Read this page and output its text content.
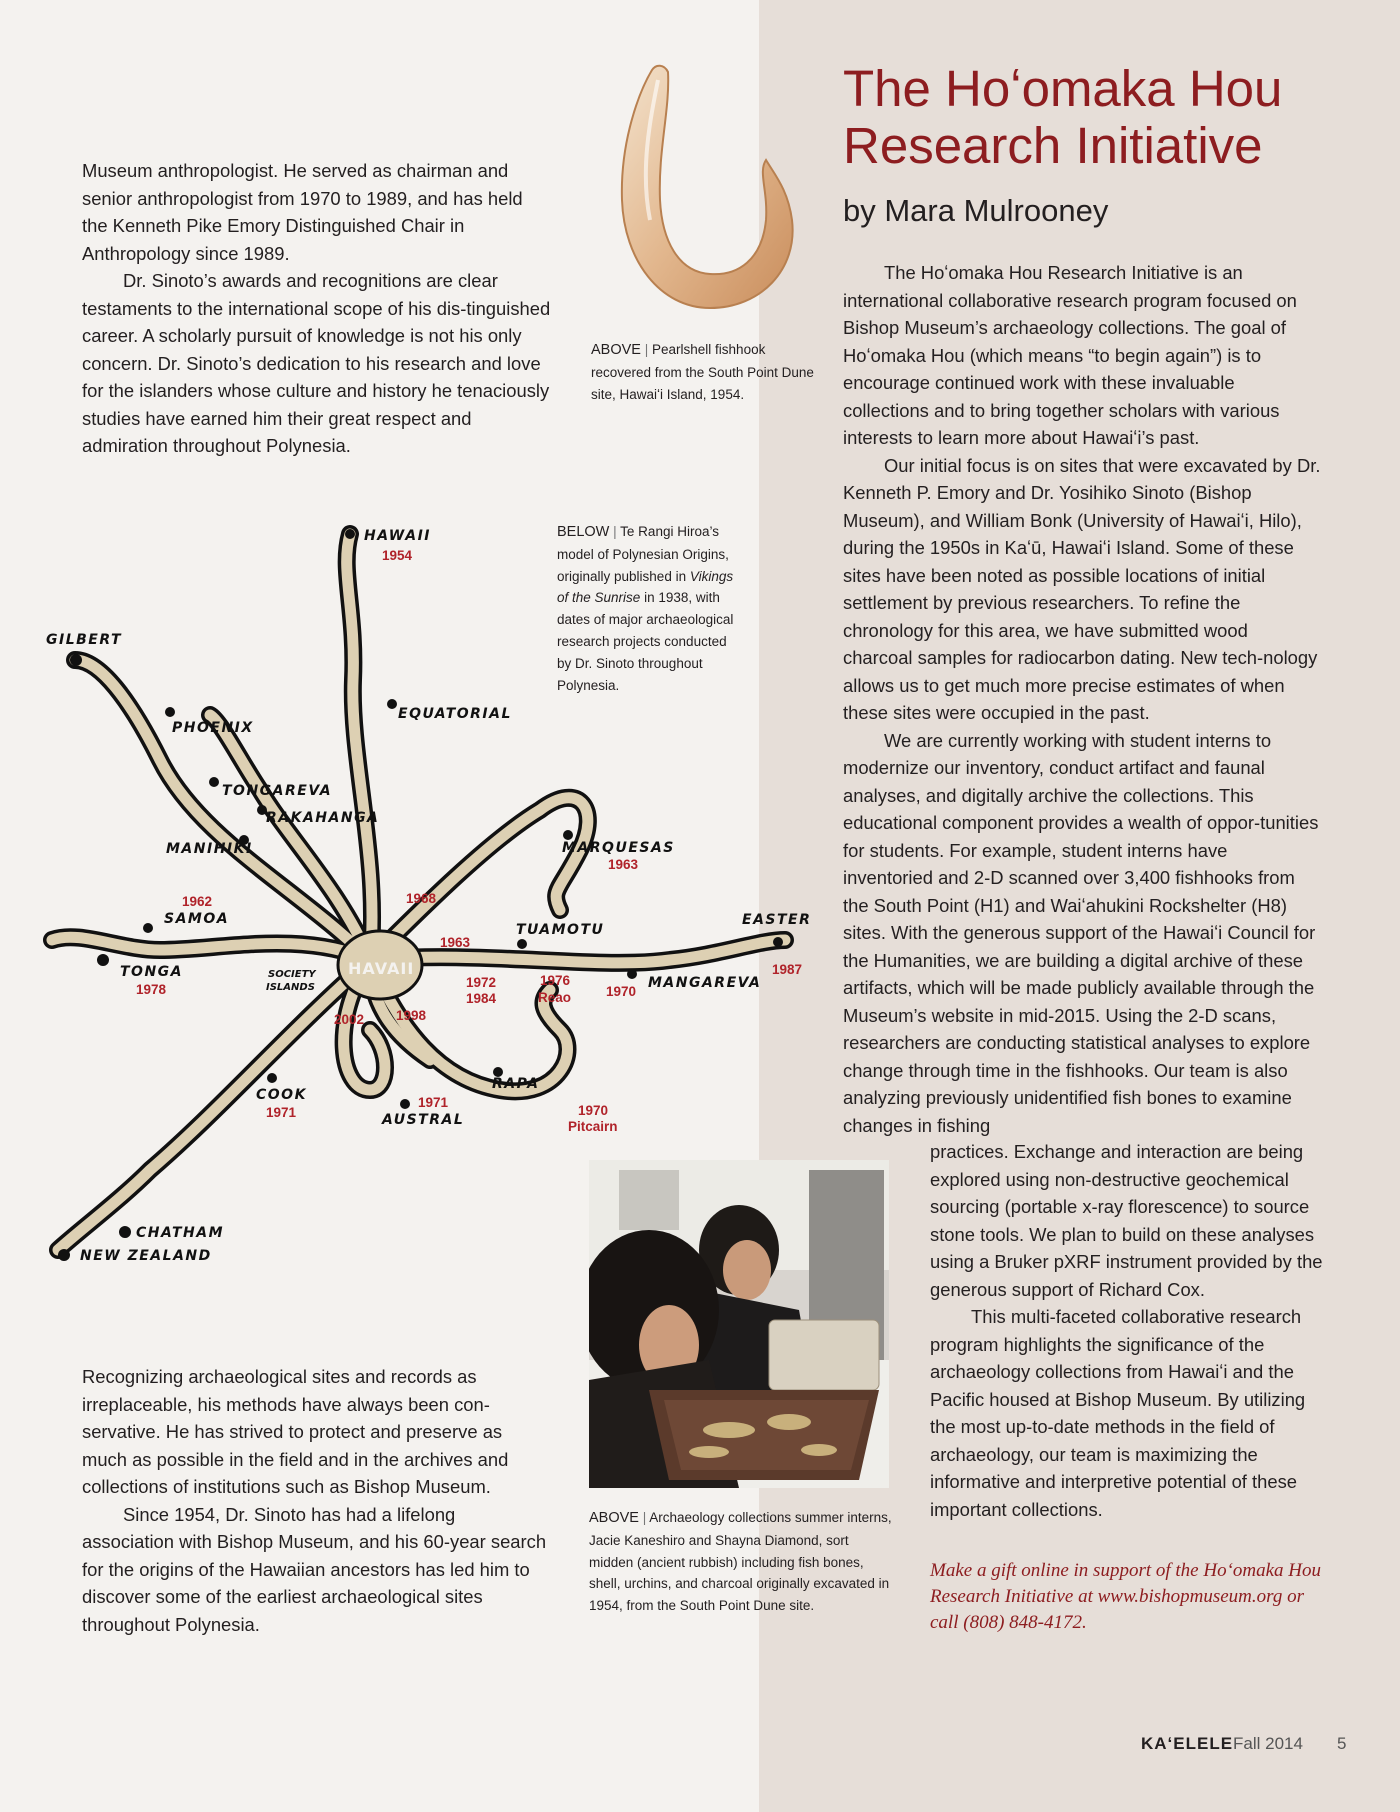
Museum anthropologist. He served as chairman and senior anthropologist from 1970 to 1989, and has held the Kenneth Pike Emory Distinguished Chair in Anthropology since 1989.

Dr. Sinoto’s awards and recognitions are clear testaments to the international scope of his dis-tinguished career. A scholarly pursuit of knowledge is not his only concern. Dr. Sinoto’s dedication to his research and love for the islanders whose culture and history he tenaciously studies have earned him their great respect and admiration throughout Polynesia.

ABOVE | Pearlshell fishhook recovered from the South Point Dune site, Hawaiʻi Island, 1954.
BELOW | Te Rangi Hiroa’s model of Polynesian Origins, originally published in Vikings of the Sunrise in 1938, with dates of major archaeological research projects conducted by Dr. Sinoto throughout Polynesia.
HAVAII
SOCIETY
ISLANDS
HAWAII
GILBERT
PHOENIX
EQUATORIAL
TONGAREVA
RAKAHANGA
MANIHIKI	MARQUESAS
SAMOA
TONGA
TUAMOTU
EASTER
MANGAREVA
RAPA
COOK
AUSTRAL
CHATHAM
NEW ZEALAND
1954
1963
1962	1968
1963
1978	1972
1984
1976
Reao	1970
1987
2002 1998
1971
1971
1970
Pitcairn
ABOVE | Archaeology collections summer interns, Jacie Kaneshiro and Shayna Diamond, sort midden (ancient rubbish) including fish bones, shell, urchins, and charcoal originally excavated in 1954, from the South Point Dune site.

Recognizing archaeological sites and records as irreplaceable, his methods have always been con-servative. He has strived to protect and preserve as much as possible in the field and in the archives and collections of institutions such as Bishop Museum.

Since 1954, Dr. Sinoto has had a lifelong association with Bishop Museum, and his 60-year search for the origins of the Hawaiian ancestors has led him to discover some of the earliest archaeological sites throughout Polynesia.

The Hoʻomaka Hou
Research Initiative
by Mara Mulrooney

The Hoʻomaka Hou Research Initiative is an international collaborative research program focused on Bishop Museum’s archaeology collections. The goal of Hoʻomaka Hou (which means “to begin again”) is to encourage continued work with these invaluable collections and to bring together scholars with various interests to learn more about Hawaiʻi’s past.

Our initial focus is on sites that were excavated by Dr. Kenneth P. Emory and Dr. Yosihiko Sinoto (Bishop Museum), and William Bonk (University of Hawaiʻi, Hilo), during the 1950s in Kaʻū, Hawaiʻi Island. Some of these sites have been noted as possible locations of initial settlement by previous researchers. To refine the chronology for this area, we have submitted wood charcoal samples for radiocarbon dating. New tech-nology allows us to get much more precise estimates of when these sites were occupied in the past.

We are currently working with student interns to modernize our inventory, conduct artifact and faunal analyses, and digitally archive the collections. This educational component provides a wealth of oppor-tunities for students. For example, student interns have inventoried and 2-D scanned over 3,400 fishhooks from the South Point (H1) and Waiʻahukini Rockshelter (H8) sites. With the generous support of the Hawaiʻi Council for the Humanities, we are building a digital archive of these artifacts, which will be made publicly available through the Museum’s website in mid-2015. Using the 2-D scans, researchers are conducting statistical analyses to explore change through time in the fishhooks. Our team is also analyzing previously unidentified fish bones to examine changes in fishing

practices. Exchange and interaction are being explored using non-destructive geochemical sourcing (portable x-ray florescence) to source stone tools. We plan to build on these analyses using a Bruker pXRF instrument provided by the generous support of Richard Cox.

This multi-faceted collaborative research program highlights the significance of the archaeology collections from Hawaiʻi and the Pacific housed at Bishop Museum. By utilizing the most up-to-date methods in the field of archaeology, our team is maximizing the informative and interpretive potential of these important collections.

Make a gift online in support of the Hoʻomaka Hou Research Initiative at www.bishopmuseum.org or call (808) 848-4172.
KAʻELELE Fall 2014 5
